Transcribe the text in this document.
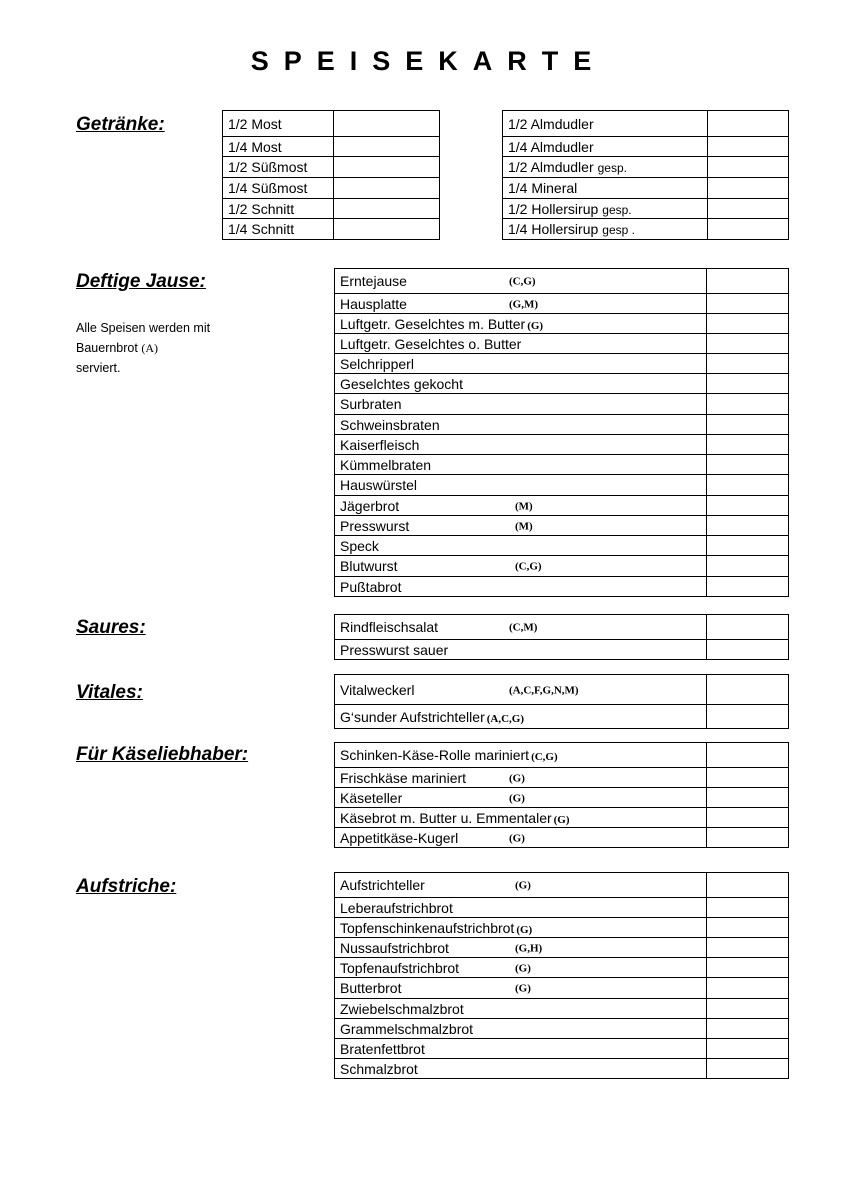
SPEISEKARTE
Getränke:	1/2 Most	
1/4 Most	
1/2 Süßmost	
1/4 Süßmost	
1/2 Schnitt	
1/4 Schnitt	
1/2 Almdudler	
1/4 Almdudler	
1/2 Almdudler gesp.	
1/4 Mineral	
1/2 Hollersirup gesp.	
1/4 Hollersirup gesp .	
Deftige Jause:
Alle Speisen werden mit
Bauernbrot (A)
serviert.
Erntejause (C,G)	

Hausplatte (G,M)	

Luftgetr. Geselchtes m. Butter (G)	
Luftgetr. Geselchtes o. Butter	
Selchripperl	
Geselchtes gekocht	
Surbraten	
Schweinsbraten	
Kaiserfleisch	
Kümmelbraten	
Hauswürstel	
Jägerbrot (M)	

Presswurst (M)	

Speck	
Blutwurst (C,G)	

Pußtabrot	
Saures:	Rindfleischsalat (C,M)	

Presswurst sauer	
Vitales:	Vitalweckerl (A,C,F,G,N,M)	

G‘sunder Aufstrichteller (A,C,G)	
Für Käseliebhaber:	Schinken-Käse-Rolle mariniert (C,G)	
Frischkäse mariniert (G)	

Käseteller (G)	

Käsebrot m. Butter u. Emmentaler (G)	
Appetitkäse-Kugerl (G)	

Aufstriche:	Aufstrichteller (G)	

Leberaufstrichbrot	
Topfenschinkenaufstrichbrot (G)	
Nussaufstrichbrot (G,H)	

Topfenaufstrichbrot (G)	

Butterbrot (G)	

Zwiebelschmalzbrot	
Grammelschmalzbrot	
Bratenfettbrot	
Schmalzbrot	
